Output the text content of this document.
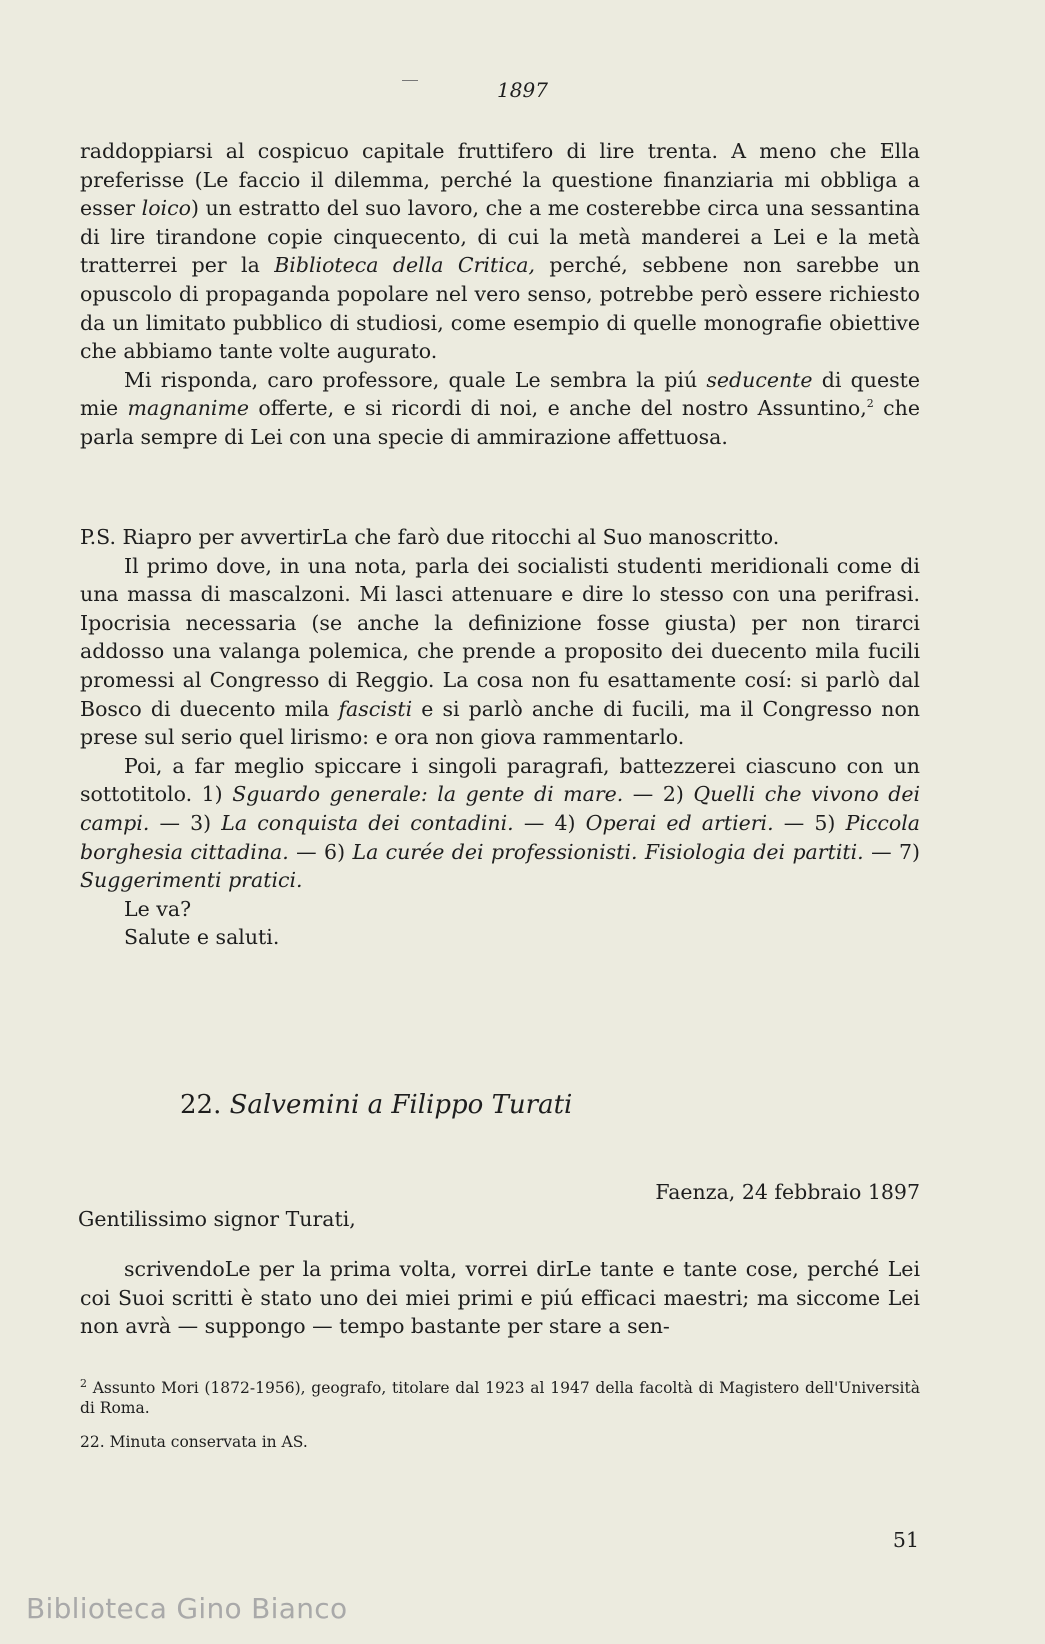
1897

raddoppiarsi al cospicuo capitale fruttifero di lire trenta. A meno che Ella preferisse (Le faccio il dilemma, perché la questione finanziaria mi obbliga a esser loico) un estratto del suo lavoro, che a me costerebbe circa una sessantina di lire tirandone copie cinquecento, di cui la metà manderei a Lei e la metà tratterrei per la Biblioteca della Critica, perché, sebbene non sarebbe un opuscolo di propaganda popolare nel vero senso, potrebbe però essere richiesto da un limitato pubblico di studiosi, come esempio di quelle monografie obiettive che abbiamo tante volte augurato.

Mi risponda, caro professore, quale Le sembra la piú seducente di queste mie magnanime offerte, e si ricordi di noi, e anche del nostro Assuntino,$^2$ che parla sempre di Lei con una specie di ammirazione affettuosa.

P.S. Riapro per avvertirLa che farò due ritocchi al Suo manoscritto.

Il primo dove, in una nota, parla dei socialisti studenti meridionali come di una massa di mascalzoni. Mi lasci attenuare e dire lo stesso con una perifrasi. Ipocrisia necessaria (se anche la definizione fosse giusta) per non tirarci addosso una valanga polemica, che prende a proposito dei duecento mila fucili promessi al Congresso di Reggio. La cosa non fu esattamente cosí: si parlò dal Bosco di duecento mila fascisti e si parlò anche di fucili, ma il Congresso non prese sul serio quel lirismo: e ora non giova rammentarlo.

Poi, a far meglio spiccare i singoli paragrafi, battezzerei ciascuno con un sottotitolo. 1) Sguardo generale: la gente di mare. — 2) Quelli che vivono dei campi. — 3) La conquista dei contadini. — 4) Operai ed artieri. — 5) Piccola borghesia cittadina. — 6) La curée dei professionisti. Fisiologia dei partiti. — 7) Suggerimenti pratici.

Le va?
Salute e saluti.
22. Salvemini a Filippo Turati
Faenza, 24 febbraio 1897
Gentilissimo signor Turati,

scrivendoLe per la prima volta, vorrei dirLe tante e tante cose, perché Lei coi Suoi scritti è stato uno dei miei primi e piú efficaci maestri; ma siccome Lei non avrà — suppongo — tempo bastante per stare a sen-

$^2$ Assunto Mori (1872-1956), geografo, titolare dal 1923 al 1947 della facoltà di Magistero dell'Università di Roma.

22. Minuta conservata in AS.

51
Biblioteca Gino Bianco
